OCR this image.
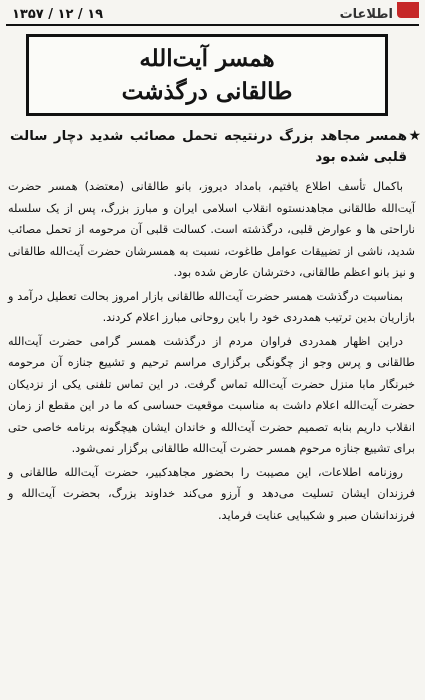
۱۳۵۷ / ۱۲ / ۱۹	اطلاعات
همسر آیت‌الله
طالقانی درگذشت
★
همسر مجاهد بزرگ درنتیجه تحمل مصائب شدید دچار سالت قلبی شده بود

باکمال تأسف اطلاع یافتیم، بامداد دیروز، بانو طالقانی (معتضد) همسر حضرت آیت‌الله طالقانی مجاهدنستوه انقلاب اسلامی ایران و مبارز بزرگ، پس از یک سلسله ناراحتی ها و عوارض قلبی، درگذشته است. کسالت قلبی آن مرحومه از تحمل مصائب شدید، ناشی از تضییقات عوامل طاغوت، نسبت به همسرشان حضرت آیت‌الله طالقانی و نیز بانو اعظم طالقانی، دخترشان عارض شده بود.

بمناسبت درگذشت همسر حضرت آیت‌الله طالقانی بازار امروز بحالت تعطیل درآمد و بازاریان بدین ترتیب همدردی خود را باین روحانی مبارز اعلام کردند.

دراین اظهار همدردی فراوان مردم از درگذشت همسر گرامی حضرت آیت‌الله طالقانی و پرس وجو از چگونگی برگزاری مراسم ترحیم و تشییع جنازه آن مرحومه خبرنگار مابا منزل حضرت آیت‌الله تماس گرفت. در این تماس تلفنی یکی از نزدیکان حضرت آیت‌الله اعلام داشت به مناسبت موقعیت حساسی که ما در این مقطع از زمان انقلاب داریم بنابه تصمیم حضرت آیت‌الله و خاندان ایشان هیچگونه برنامه خاصی حتی برای تشییع جنازه مرحوم همسر حضرت آیت‌الله طالقانی برگزار نمی‌شود.

روزنامه اطلاعات، این مصیبت را بحضور مجاهدکبیر، حضرت آیت‌الله طالقانی و فرزندان ایشان تسلیت می‌دهد و آرزو می‌کند خداوند بزرگ، بحضرت آیت‌الله و فرزندانشان صبر و شکیبایی عنایت فرماید.
